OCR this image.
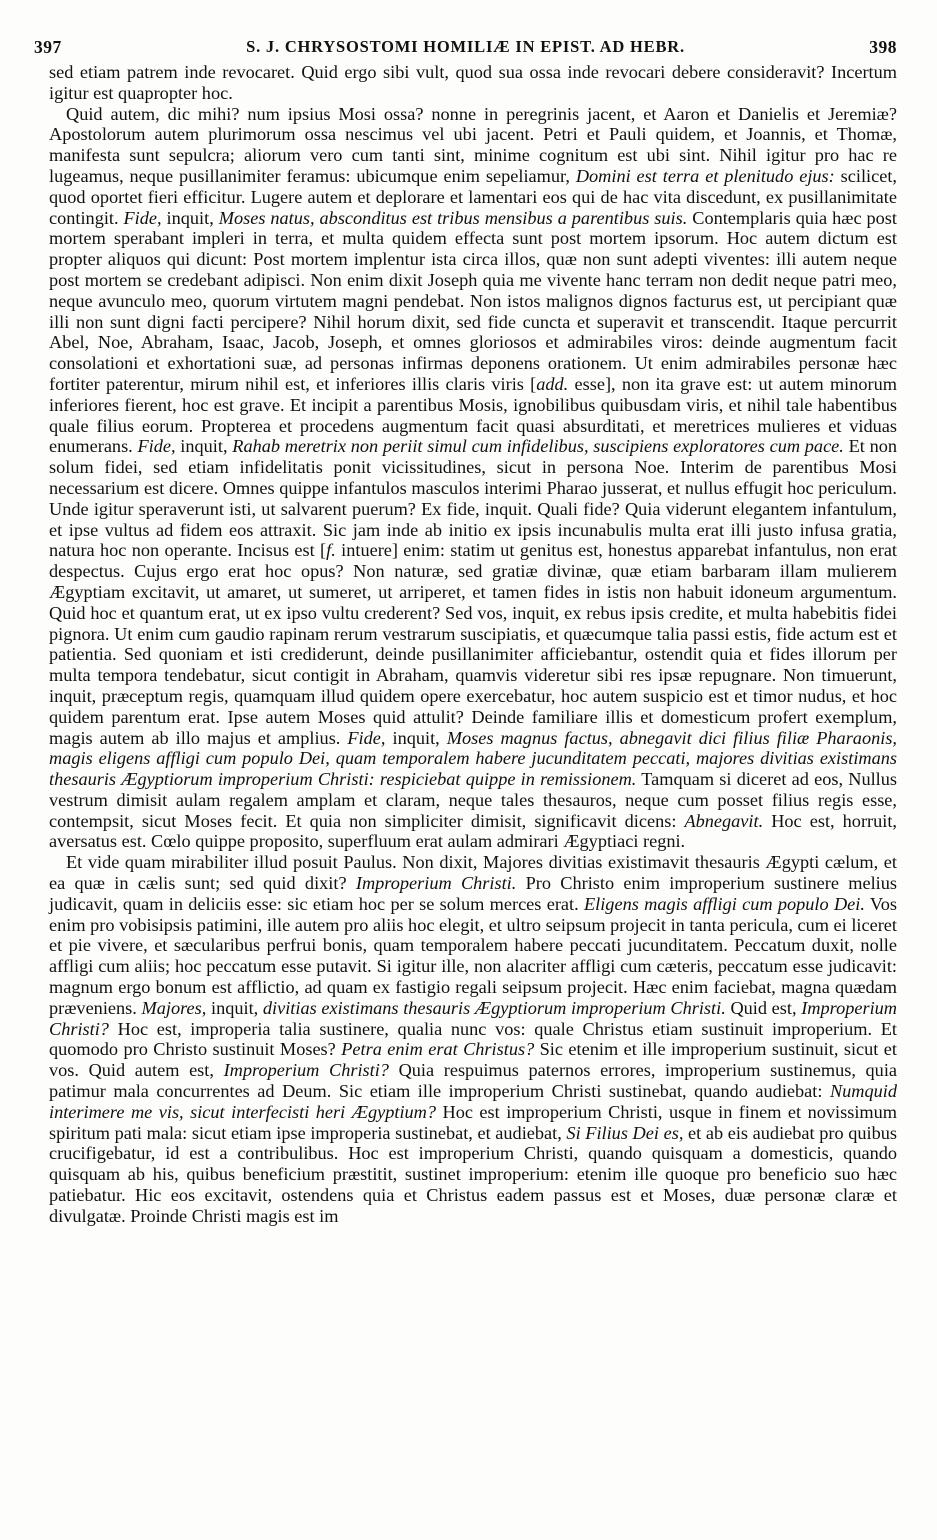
397	S. J. CHRYSOSTOMI HOMILIÆ IN EPIST. AD HEBR.	398

sed etiam patrem inde revocaret. Quid ergo sibi vult, quod sua ossa inde revocari debere consideravit? Incertum igitur est quapropter hoc.

Quid autem, dic mihi? num ipsius Mosi ossa? nonne in peregrinis jacent, et Aaron et Danielis et Jeremiæ? Apostolorum autem plurimorum ossa nescimus vel ubi jacent. Petri et Pauli quidem, et Joannis, et Thomæ, manifesta sunt sepulcra; aliorum vero cum tanti sint, minime cognitum est ubi sint. Nihil igitur pro hac re lugeamus, neque pusillanimiter feramus: ubicumque enim sepeliamur, Domini est terra et plenitudo ejus: scilicet, quod oportet fieri efficitur. Lugere autem et deplorare et lamentari eos qui de hac vita discedunt, ex pusillanimitate contingit. Fide, inquit, Moses natus, absconditus est tribus mensibus a parentibus suis. Contemplaris quia hæc post mortem sperabant impleri in terra, et multa quidem effecta sunt post mortem ipsorum. Hoc autem dictum est propter aliquos qui dicunt: Post mortem implentur ista circa illos, quæ non sunt adepti viventes: illi autem neque post mortem se credebant adipisci. Non enim dixit Joseph quia me vivente hanc terram non dedit neque patri meo, neque avunculo meo, quorum virtutem magni pendebat. Non istos malignos dignos facturus est, ut percipiant quæ illi non sunt digni facti percipere? Nihil horum dixit, sed fide cuncta et superavit et transcendit. Itaque percurrit Abel, Noe, Abraham, Isaac, Jacob, Joseph, et omnes gloriosos et admirabiles viros: deinde augmentum facit consolationi et exhortationi suæ, ad personas infirmas deponens orationem. Ut enim admirabiles personæ hæc fortiter paterentur, mirum nihil est, et inferiores illis claris viris [add. esse], non ita grave est: ut autem minorum inferiores fierent, hoc est grave. Et incipit a parentibus Mosis, ignobilibus quibusdam viris, et nihil tale habentibus quale filius eorum. Propterea et procedens augmentum facit quasi absurditati, et meretrices mulieres et viduas enumerans. Fide, inquit, Rahab meretrix non periit simul cum infidelibus, suscipiens exploratores cum pace. Et non solum fidei, sed etiam infidelitatis ponit vicissitudines, sicut in persona Noe. Interim de parentibus Mosi necessarium est dicere. Omnes quippe infantulos masculos interimi Pharao jusserat, et nullus effugit hoc periculum. Unde igitur speraverunt isti, ut salvarent puerum? Ex fide, inquit. Quali fide? Quia viderunt elegantem infantulum, et ipse vultus ad fidem eos attraxit. Sic jam inde ab initio ex ipsis incunabulis multa erat illi justo infusa gratia, natura hoc non operante. Incisus est [f. intuere] enim: statim ut genitus est, honestus apparebat infantulus, non erat despectus. Cujus ergo erat hoc opus? Non naturæ, sed gratiæ divinæ, quæ etiam barbaram illam mulierem Ægyptiam excitavit, ut amaret, ut sumeret, ut arriperet, et tamen fides in istis non habuit idoneum argumentum. Quid hoc et quantum erat, ut ex ipso vultu crederent? Sed vos, inquit, ex rebus ipsis credite, et multa habebitis fidei pignora. Ut enim cum gaudio rapinam rerum vestrarum suscipiatis, et quæcumque talia passi estis, fide actum est et patientia. Sed quoniam et isti crediderunt, deinde pusillanimiter afficiebantur, ostendit quia et fides illorum per multa tempora tendebatur, sicut contigit in Abraham, quamvis videretur sibi res ipsæ repugnare. Non timuerunt, inquit, præceptum regis, quamquam illud quidem opere exercebatur, hoc autem suspicio est et timor nudus, et hoc quidem parentum erat. Ipse autem Moses quid attulit? Deinde familiare illis et domesticum profert exemplum, magis autem ab illo majus et amplius. Fide, inquit, Moses magnus factus, abnegavit dici filius filiæ Pharaonis, magis eligens affligi cum populo Dei, quam temporalem habere jucunditatem peccati, majores divitias existimans thesauris Ægyptiorum improperium Christi: respiciebat quippe in remissionem. Tamquam si diceret ad eos, Nullus vestrum dimisit aulam regalem amplam et claram, neque tales thesauros, neque cum posset filius regis esse, contempsit, sicut Moses fecit. Et quia non simpliciter dimisit, significavit dicens: Abnegavit. Hoc est, horruit, aversatus est. Cœlo quippe proposito, superfluum erat aulam admirari Ægyptiaci regni.

Et vide quam mirabiliter illud posuit Paulus. Non dixit, Majores divitias existimavit thesauris Ægypti cælum, et ea quæ in cælis sunt; sed quid dixit? Improperium Christi. Pro Christo enim improperium sustinere melius judicavit, quam in deliciis esse: sic etiam hoc per se solum merces erat. Eligens magis affligi cum populo Dei. Vos enim pro vobisipsis patimini, ille autem pro aliis hoc elegit, et ultro seipsum projecit in tanta pericula, cum ei liceret et pie vivere, et sæcularibus perfrui bonis, quam temporalem habere peccati jucunditatem. Peccatum duxit, nolle affligi cum aliis; hoc peccatum esse putavit. Si igitur ille, non alacriter affligi cum cæteris, peccatum esse judicavit: magnum ergo bonum est afflictio, ad quam ex fastigio regali seipsum projecit. Hæc enim faciebat, magna quædam præveniens. Majores, inquit, divitias existimans thesauris Ægyptiorum improperium Christi. Quid est, Improperium Christi? Hoc est, improperia talia sustinere, qualia nunc vos: quale Christus etiam sustinuit improperium. Et quomodo pro Christo sustinuit Moses? Petra enim erat Christus? Sic etenim et ille improperium sustinuit, sicut et vos. Quid autem est, Improperium Christi? Quia respuimus paternos errores, improperium sustinemus, quia patimur mala concurrentes ad Deum. Sic etiam ille improperium Christi sustinebat, quando audiebat: Numquid interimere me vis, sicut interfecisti heri Ægyptium? Hoc est improperium Christi, usque in finem et novissimum spiritum pati mala: sicut etiam ipse improperia sustinebat, et audiebat, Si Filius Dei es, et ab eis audiebat pro quibus crucifigebatur, id est a contribulibus. Hoc est improperium Christi, quando quisquam a domesticis, quando quisquam ab his, quibus beneficium præstitit, sustinet improperium: etenim ille quoque pro beneficio suo hæc patiebatur. Hic eos excitavit, ostendens quia et Christus eadem passus est et Moses, duæ personæ claræ et divulgatæ. Proinde Christi magis est im
